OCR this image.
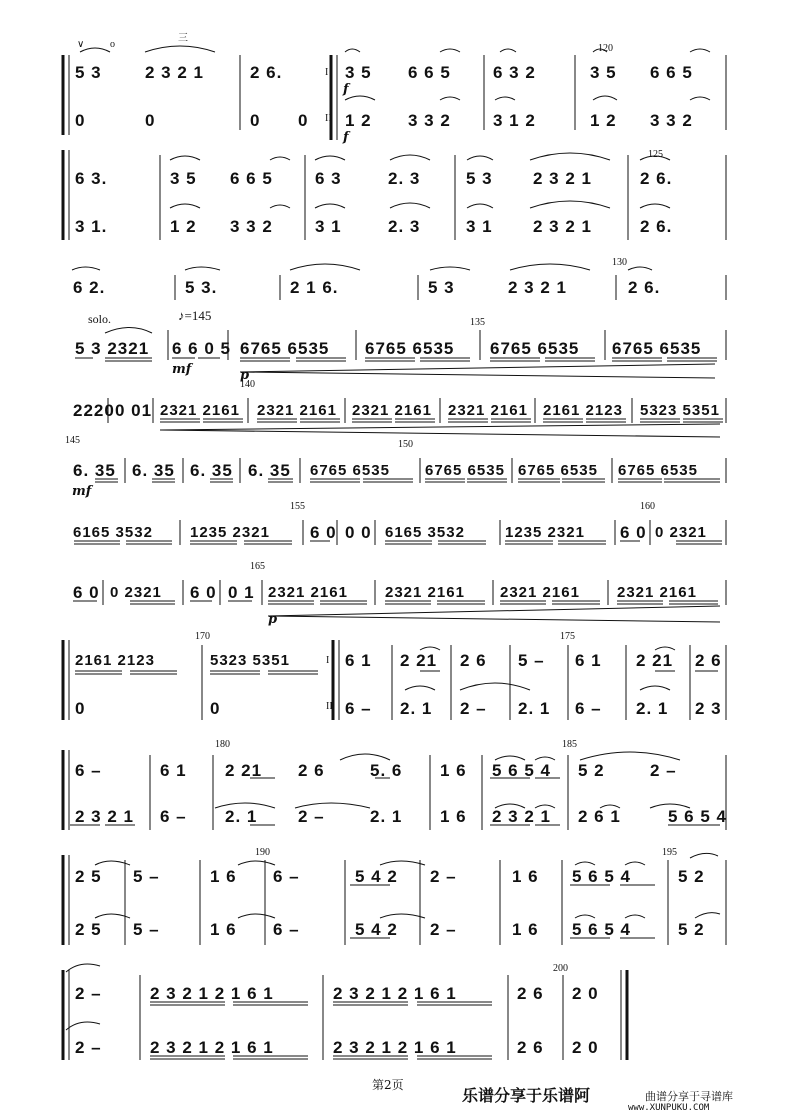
∨	o
三
120
I
II
f
f
5 3	2 3 2 1	2 6.	3 5 6 6 5 6 3 2	3 5 6 6 5
0	0	0 0 1 2 3 3 2 3 1 2	1 2 3 3 2
125
6 3.	3 5 6 6 5 6 3	2. 3	5 3 2 3 2 1	2 6.
3 1.	1 2 3 3 2 3 1	2. 3	3 1 2 3 2 1	2 6.
130
6 2.	5 3.	2 1 6.	5 3	2 3 2 1	2 6.
solo.	♪=145	135
mf	p
5 3 2321 6 6 0 5 6765 6535 6765 6535 6765 6535 6765 6535
140
2220 0 01 2321 2161 2321 2161 2321 2161 2321 2161 2161 2123 5323 5351
145	150
mf
6. 35 6. 35 6. 35 6. 35 6765 6535 6765 6535 6765 6535 6765 6535
155	160
6165 3532 1235 2321 6 0 0 0 6165 3532	1235 2321 6 0 0 2321
165
p
6 0 0 2321 6 0 0 1 2321 2161 2321 2161 2321 2161 2321 2161
170	175
I
II
2161 2123	5323 5351	6 1 2 21 2 6 5 – 6 1 2 21 2 6
0	0	6 – 2. 1 2 – 2. 1 6 – 2. 1 2 3
180	185
6 –	6 1 2 21 2 6	5. 6 1 6 5 6 5 4 5 2	2 –
2 3 2 1 6 – 2. 1 2 –	2. 1 1 6 2 3 2 1 2 6 1	5 6 5 4
190	195
2 5 5 –	1 6 6 –	5 4 2 2 –	1 6 5 6 5 4	5 2
2 5 5 –	1 6 6 –	5 4 2 2 –	1 6 5 6 5 4	5 2
200
2 –	2 3 2 1 2 1 6 1	2 3 2 1 2 1 6 1	2 6 2 0
2 –	2 3 2 1 2 1 6 1	2 3 2 1 2 1 6 1	2 6 2 0
第2页
乐谱分享于乐谱阿	曲谱分享于寻谱库
www.XUNPUKU.COM
